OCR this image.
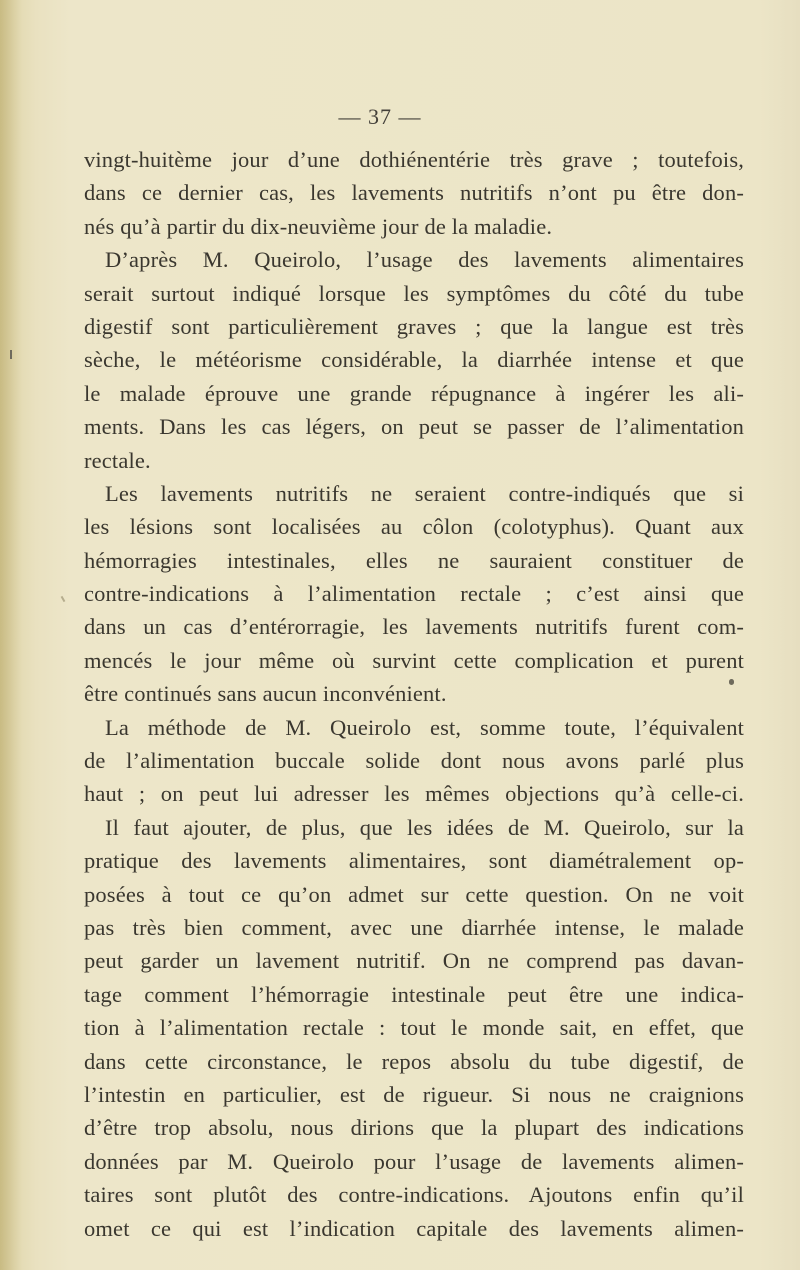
— 37 —
vingt-huitème jour d’une dothiénentérie très grave ; toutefois,
dans ce dernier cas, les lavements nutritifs n’ont pu être don-
nés qu’à partir du dix-neuvième jour de la maladie.
D’après M. Queirolo, l’usage des lavements alimentaires
serait surtout indiqué lorsque les symptômes du côté du tube
digestif sont particulièrement graves ; que la langue est très
sèche, le météorisme considérable, la diarrhée intense et que
le malade éprouve une grande répugnance à ingérer les ali-
ments. Dans les cas légers, on peut se passer de l’alimentation
rectale.
Les lavements nutritifs ne seraient contre-indiqués que si
les lésions sont localisées au côlon (colotyphus). Quant aux
hémorragies intestinales, elles ne sauraient constituer de
contre-indications à l’alimentation rectale ; c’est ainsi que
dans un cas d’entérorragie, les lavements nutritifs furent com-
mencés le jour même où survint cette complication et purent
être continués sans aucun inconvénient.
La méthode de M. Queirolo est, somme toute, l’équivalent
de l’alimentation buccale solide dont nous avons parlé plus
haut ; on peut lui adresser les mêmes objections qu’à celle-ci.
Il faut ajouter, de plus, que les idées de M. Queirolo, sur la
pratique des lavements alimentaires, sont diamétralement op-
posées à tout ce qu’on admet sur cette question. On ne voit
pas très bien comment, avec une diarrhée intense, le malade
peut garder un lavement nutritif. On ne comprend pas davan-
tage comment l’hémorragie intestinale peut être une indica-
tion à l’alimentation rectale : tout le monde sait, en effet, que
dans cette circonstance, le repos absolu du tube digestif, de
l’intestin en particulier, est de rigueur. Si nous ne craignions
d’être trop absolu, nous dirions que la plupart des indications
données par M. Queirolo pour l’usage de lavements alimen-
taires sont plutôt des contre-indications. Ajoutons enfin qu’il
omet ce qui est l’indication capitale des lavements alimen-
